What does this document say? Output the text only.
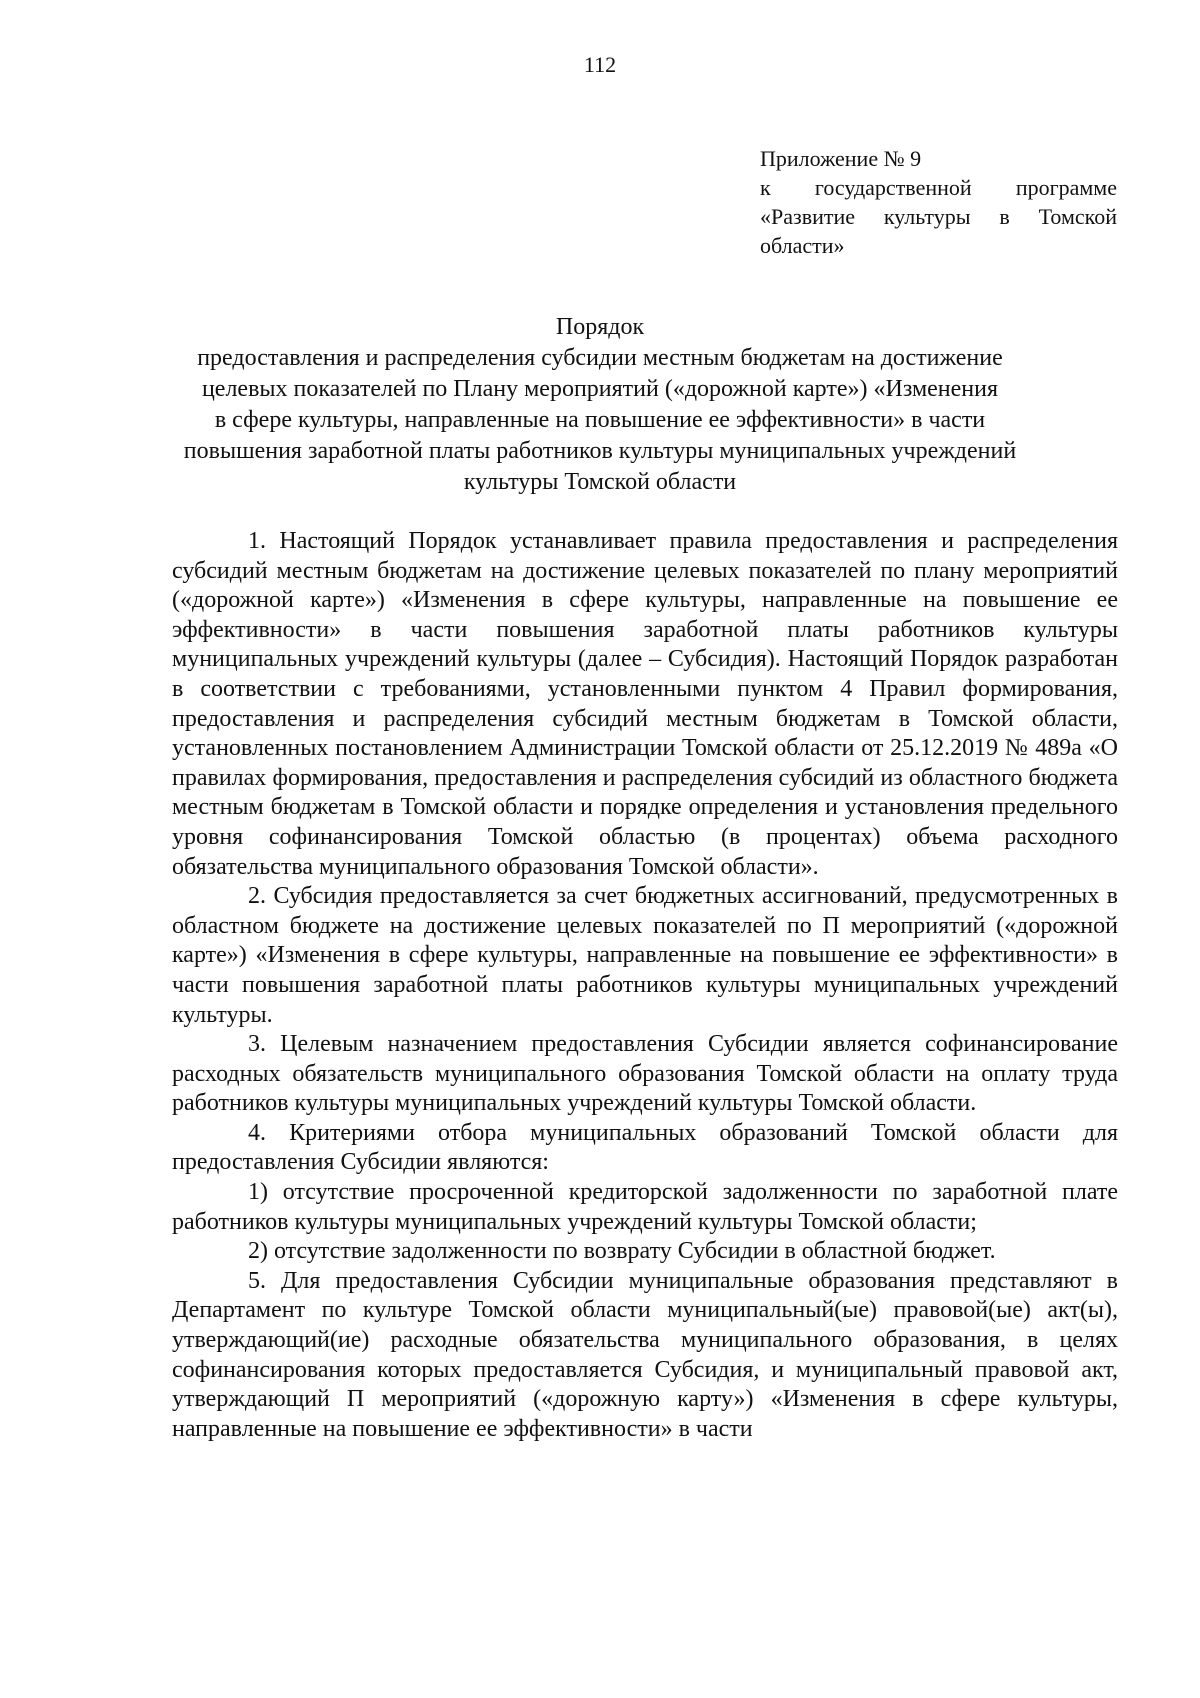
112
Приложение № 9
к государственной программе
«Развитие культуры в Томской
области»
Порядок
предоставления и распределения субсидии местным бюджетам на достижение
целевых показателей по Плану мероприятий («дорожной карте») «Изменения
в сфере культуры, направленные на повышение ее эффективности» в части
повышения заработной платы работников культуры муниципальных учреждений
культуры Томской области

1. Настоящий Порядок устанавливает правила предоставления и распределения субсидий местным бюджетам на достижение целевых показателей по плану мероприятий («дорожной карте») «Изменения в сфере культуры, направленные на повышение ее эффективности» в части повышения заработной платы работников культуры муниципальных учреждений культуры (далее – Субсидия). Настоящий Порядок разработан в соответствии с требованиями, установленными пунктом 4 Правил формирования, предоставления и распределения субсидий местным бюджетам в Томской области, установленных постановлением Администрации Томской области от 25.12.2019 № 489а «О правилах формирования, предоставления и распределения субсидий из областного бюджета местным бюджетам в Томской области и порядке определения и установления предельного уровня софинансирования Томской областью (в процентах) объема расходного обязательства муниципального образования Томской области».

2. Субсидия предоставляется за счет бюджетных ассигнований, предусмотренных в областном бюджете на достижение целевых показателей по П мероприятий («дорожной карте») «Изменения в сфере культуры, направленные на повышение ее эффективности» в части повышения заработной платы работников культуры муниципальных учреждений культуры.

3. Целевым назначением предоставления Субсидии является софинансирование расходных обязательств муниципального образования Томской области на оплату труда работников культуры муниципальных учреждений культуры Томской области.

4. Критериями отбора муниципальных образований Томской области для предоставления Субсидии являются:

1) отсутствие просроченной кредиторской задолженности по заработной плате работников культуры муниципальных учреждений культуры Томской области;

2) отсутствие задолженности по возврату Субсидии в областной бюджет.

5. Для предоставления Субсидии муниципальные образования представляют в Департамент по культуре Томской области муниципальный(ые) правовой(ые) акт(ы), утверждающий(ие) расходные обязательства муниципального образования, в целях софинансирования которых предоставляется Субсидия, и муниципальный правовой акт, утверждающий П мероприятий («дорожную карту») «Изменения в сфере культуры, направленные на повышение ее эффективности» в части
